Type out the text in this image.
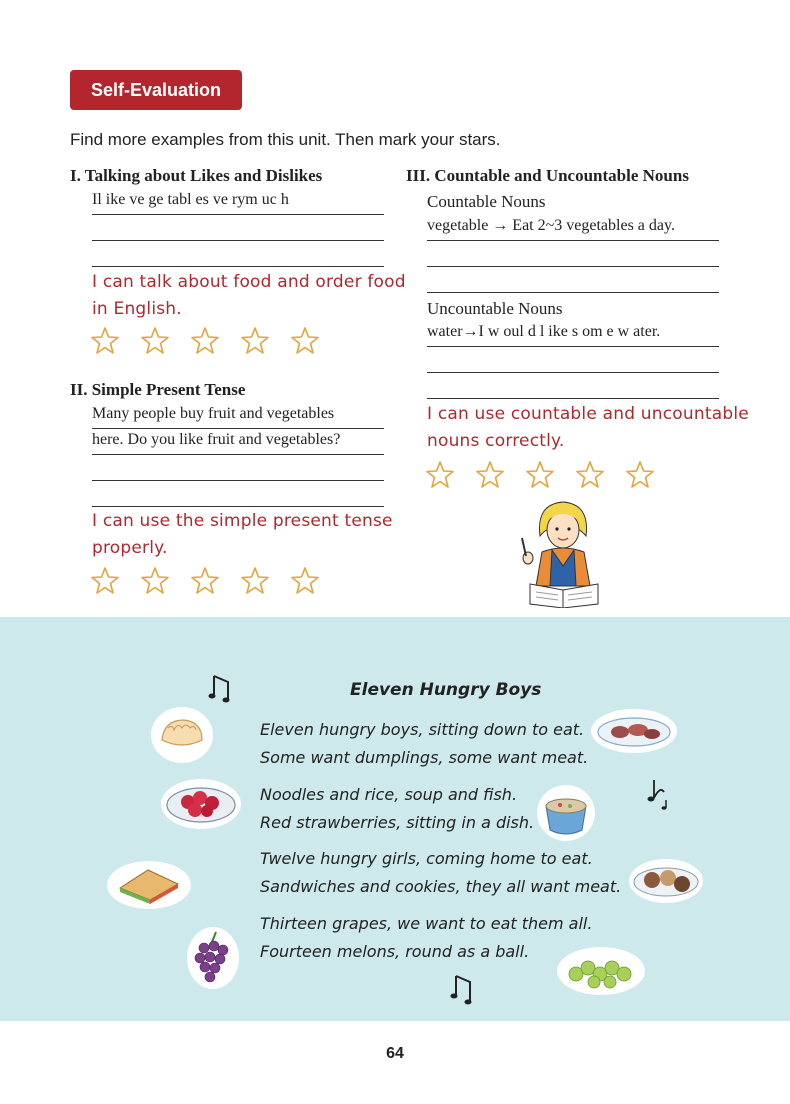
Self-Evaluation
Find more examples from this unit. Then mark your stars.
I. Talking about Likes and Dislikes
Il ike ve ge tabl es ve rym uc h
I can talk about food and order food
in English.
II. Simple Present Tense
Many people buy fruit and vegetables
here. Do you like fruit and vegetables?
I can use the simple present tense
properly.
III. Countable and Uncountable Nouns
Countable Nouns
vegetable → Eat 2~3 vegetables a day.
Uncountable Nouns
water→I w oul d l ike s om e w ater.
I can use countable and uncountable
nouns correctly.
Eleven Hungry Boys
Eleven hungry boys, sitting down to eat.
Some want dumplings, some want meat.
Noodles and rice, soup and fish.
Red strawberries, sitting in a dish.
Twelve hungry girls, coming home to eat.
Sandwiches and cookies, they all want meat.
Thirteen grapes, we want to eat them all.
Fourteen melons, round as a ball.
64
